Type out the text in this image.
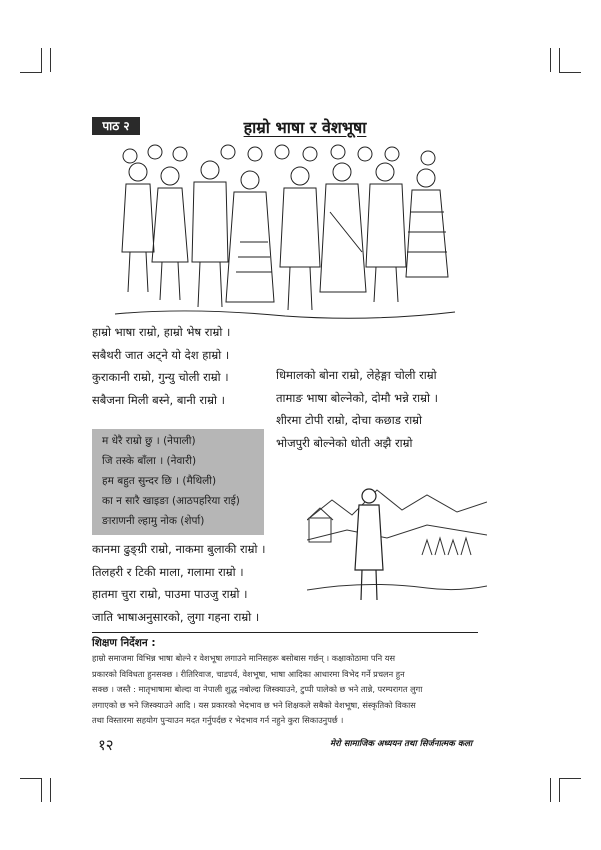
पाठ २	हाम्रो भाषा र वेशभूषा
हाम्रो भाषा राम्रो, हाम्रो भेष राम्रो ।
सबैथरी जात अट्ने यो देश हाम्रो ।
कुराकानी राम्रो, गुन्यु चोली राम्रो ।
सबैजना मिली बस्ने, बानी राम्रो ।
धिमालको बोना राम्रो, लेहेङ्गा चोली राम्रो
तामाङ भाषा बोल्नेको, दोमौ भन्ने राम्रो ।
शीरमा टोपी राम्रो, दोचा कछाड राम्रो
भोजपुरी बोल्नेको धोती अझै राम्रो
म धेरै राम्रो छु । (नेपाली)
जि तस्के बाँला । (नेवारी)
हम बहुत सुन्दर छि । (मैथिली)
का न सारै खाइङा (आठपहरिया राई)
ङाराणनी ल्हामु नोक (शेर्पा)
कानमा ढुङ्ग्री राम्रो, नाकमा बुलाकी राम्रो ।
तिलहरी र टिकी माला, गलामा राम्रो ।
हातमा चुरा राम्रो, पाउमा पाउजु राम्रो ।
जाति भाषाअनुसारको, लुगा गहना राम्रो ।
शिक्षण निर्देशन :
हाम्रो समाजमा विभिन्न भाषा बोल्ने र वेशभूषा लगाउने मानिसहरू बसोबास गर्छन् । कक्षाकोठामा पनि यस
प्रकारको विविधता हुनसक्छ । रीतिरिवाज, चाडपर्व, वेशभूषा, भाषा आदिका आधारमा विभेद गर्ने प्रचलन हुन
सक्छ । जस्तै : मातृभाषामा बोल्दा वा नेपाली शुद्ध नबोल्दा जिस्क्याउने, टुप्पी पालेको छ भने तान्ने, परम्परागत लुगा
लगाएको छ भने जिस्क्याउने आदि । यस प्रकारको भेदभाव छ भने शिक्षकले सबैको वेशभूषा, संस्कृतिको विकास
तथा विस्तारमा सहयोग पुऱ्याउन मदत गर्नुपर्दछ र भेदभाव गर्न नहुने कुरा सिकाउनुपर्छ ।
१२	मेरो सामाजिक अध्ययन तथा सिर्जनात्मक कला
